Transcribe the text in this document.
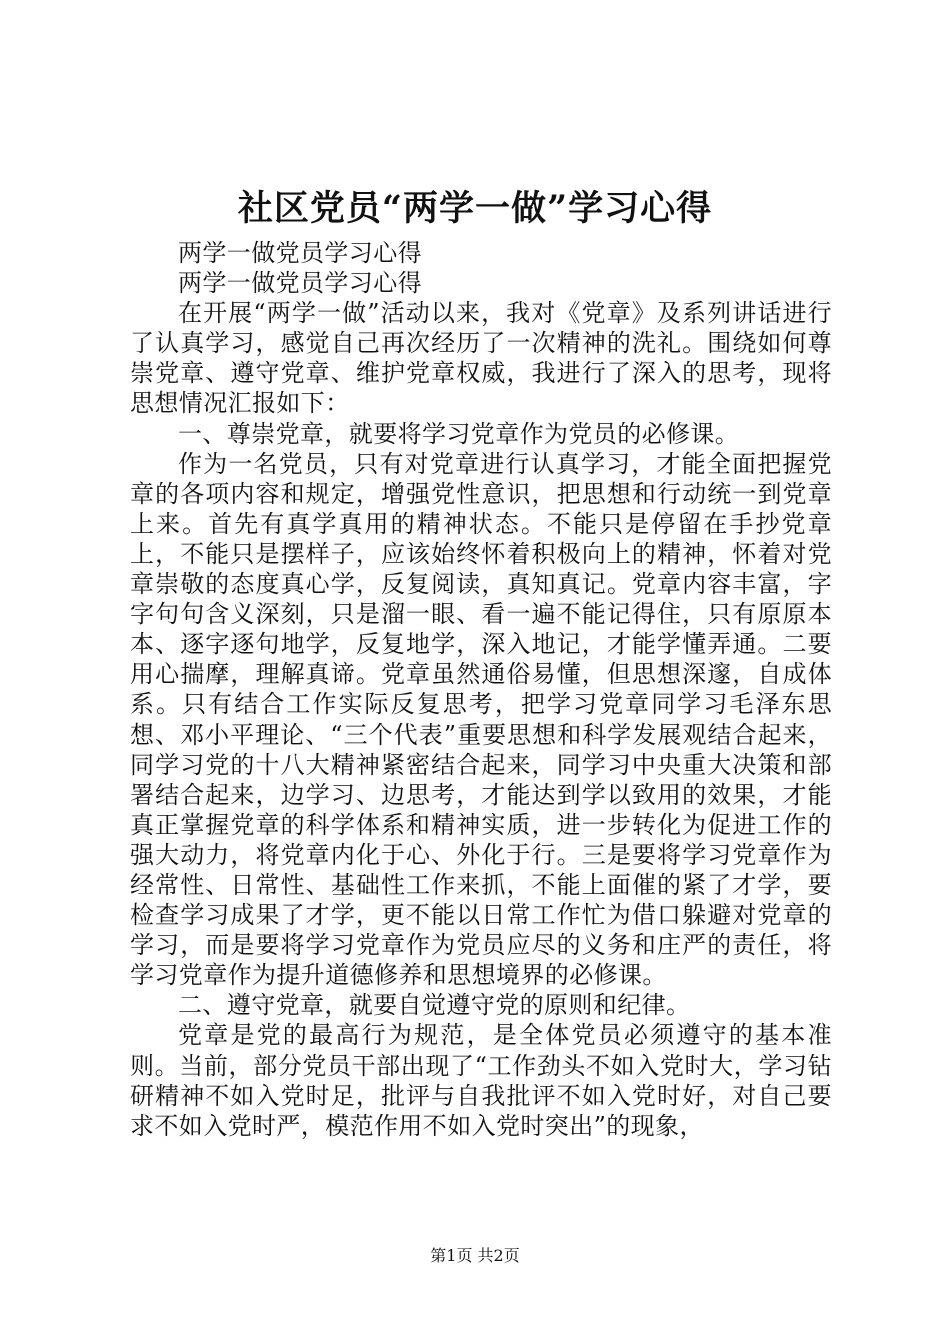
社区党员“两学一做”学习心得

两学一做党员学习心得

两学一做党员学习心得

在开展“两学一做”活动以来，我对《党章》及系列讲话进行了认真学习，感觉自己再次经历了一次精神的洗礼。围绕如何尊崇党章、遵守党章、维护党章权威，我进行了深入的思考，现将思想情况汇报如下：

一、尊崇党章，就要将学习党章作为党员的必修课。

作为一名党员，只有对党章进行认真学习，才能全面把握党章的各项内容和规定，增强党性意识，把思想和行动统一到党章上来。首先有真学真用的精神状态。不能只是停留在手抄党章上，不能只是摆样子，应该始终怀着积极向上的精神，怀着对党章崇敬的态度真心学，反复阅读，真知真记。党章内容丰富，字字句句含义深刻，只是溜一眼、看一遍不能记得住，只有原原本本、逐字逐句地学，反复地学，深入地记，才能学懂弄通。二要用心揣摩，理解真谛。党章虽然通俗易懂，但思想深邃，自成体系。只有结合工作实际反复思考，把学习党章同学习毛泽东思想、邓小平理论、“三个代表”重要思想和科学发展观结合起来，同学习党的十八大精神紧密结合起来，同学习中央重大决策和部署结合起来，边学习、边思考，才能达到学以致用的效果，才能真正掌握党章的科学体系和精神实质，进一步转化为促进工作的强大动力，将党章内化于心、外化于行。三是要将学习党章作为经常性、日常性、基础性工作来抓，不能上面催的紧了才学，要检查学习成果了才学，更不能以日常工作忙为借口躲避对党章的学习，而是要将学习党章作为党员应尽的义务和庄严的责任，将学习党章作为提升道德修养和思想境界的必修课。

二、遵守党章，就要自觉遵守党的原则和纪律。

党章是党的最高行为规范，是全体党员必须遵守的基本准则。当前，部分党员干部出现了“工作劲头不如入党时大，学习钻研精神不如入党时足，批评与自我批评不如入党时好，对自己要求不如入党时严，模范作用不如入党时突出”的现象，

第1页 共2页
